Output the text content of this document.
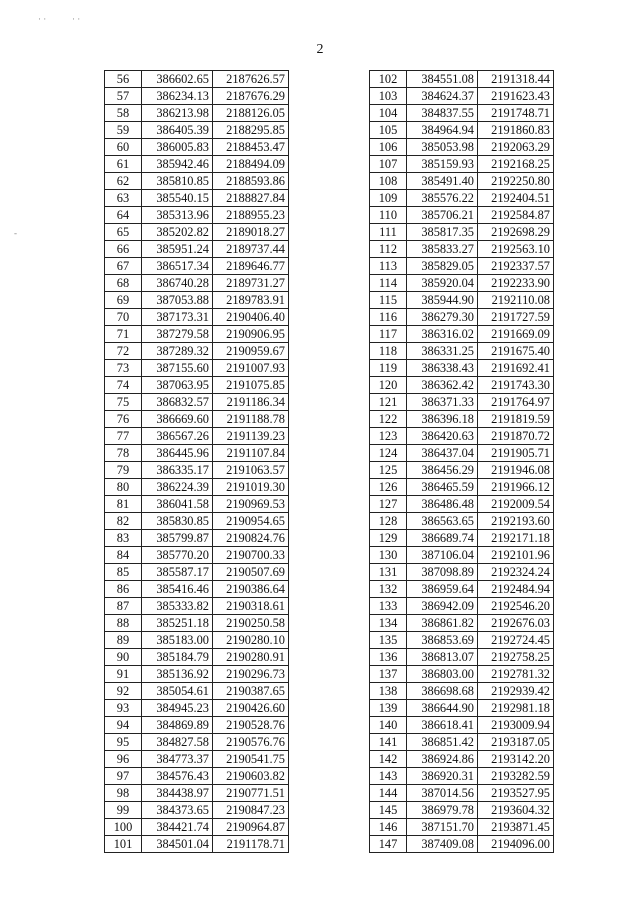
· ·	· ·
-
2
56	386602.65	2187626.57
57	386234.13	2187676.29
58	386213.98	2188126.05
59	386405.39	2188295.85
60	386005.83	2188453.47
61	385942.46	2188494.09
62	385810.85	2188593.86
63	385540.15	2188827.84
64	385313.96	2188955.23
65	385202.82	2189018.27
66	385951.24	2189737.44
67	386517.34	2189646.77
68	386740.28	2189731.27
69	387053.88	2189783.91
70	387173.31	2190406.40
71	387279.58	2190906.95
72	387289.32	2190959.67
73	387155.60	2191007.93
74	387063.95	2191075.85
75	386832.57	2191186.34
76	386669.60	2191188.78
77	386567.26	2191139.23
78	386445.96	2191107.84
79	386335.17	2191063.57
80	386224.39	2191019.30
81	386041.58	2190969.53
82	385830.85	2190954.65
83	385799.87	2190824.76
84	385770.20	2190700.33
85	385587.17	2190507.69
86	385416.46	2190386.64
87	385333.82	2190318.61
88	385251.18	2190250.58
89	385183.00	2190280.10
90	385184.79	2190280.91
91	385136.92	2190296.73
92	385054.61	2190387.65
93	384945.23	2190426.60
94	384869.89	2190528.76
95	384827.58	2190576.76
96	384773.37	2190541.75
97	384576.43	2190603.82
98	384438.97	2190771.51
99	384373.65	2190847.23
100	384421.74	2190964.87
101	384501.04	2191178.71
102	384551.08	2191318.44
103	384624.37	2191623.43
104	384837.55	2191748.71
105	384964.94	2191860.83
106	385053.98	2192063.29
107	385159.93	2192168.25
108	385491.40	2192250.80
109	385576.22	2192404.51
110	385706.21	2192584.87
111	385817.35	2192698.29
112	385833.27	2192563.10
113	385829.05	2192337.57
114	385920.04	2192233.90
115	385944.90	2192110.08
116	386279.30	2191727.59
117	386316.02	2191669.09
118	386331.25	2191675.40
119	386338.43	2191692.41
120	386362.42	2191743.30
121	386371.33	2191764.97
122	386396.18	2191819.59
123	386420.63	2191870.72
124	386437.04	2191905.71
125	386456.29	2191946.08
126	386465.59	2191966.12
127	386486.48	2192009.54
128	386563.65	2192193.60
129	386689.74	2192171.18
130	387106.04	2192101.96
131	387098.89	2192324.24
132	386959.64	2192484.94
133	386942.09	2192546.20
134	386861.82	2192676.03
135	386853.69	2192724.45
136	386813.07	2192758.25
137	386803.00	2192781.32
138	386698.68	2192939.42
139	386644.90	2192981.18
140	386618.41	2193009.94
141	386851.42	2193187.05
142	386924.86	2193142.20
143	386920.31	2193282.59
144	387014.56	2193527.95
145	386979.78	2193604.32
146	387151.70	2193871.45
147	387409.08	2194096.00
